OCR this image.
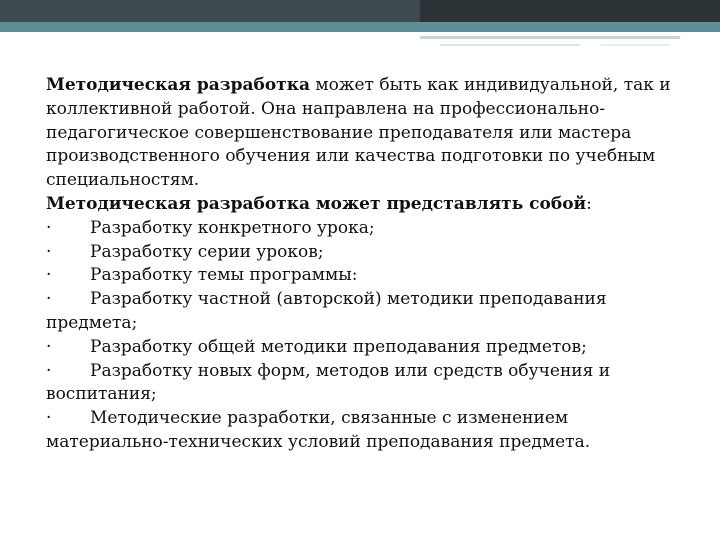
Методическая разработка может быть как индивидуальной, так и коллективной работой. Она направлена на профессионально-педагогическое совершенствование преподавателя или мастера производственного обучения или качества подготовки по учебным специальностям.

Методическая разработка может представлять собой:

· Разработку конкретного урока;

· Разработку серии уроков;

· Разработку темы программы:

· Разработку частной (авторской) методики преподавания предмета;

· Разработку общей методики преподавания предметов;

· Разработку новых форм, методов или средств обучения и воспитания;

· Методические разработки, связанные с изменением материально-технических условий преподавания предмета.
